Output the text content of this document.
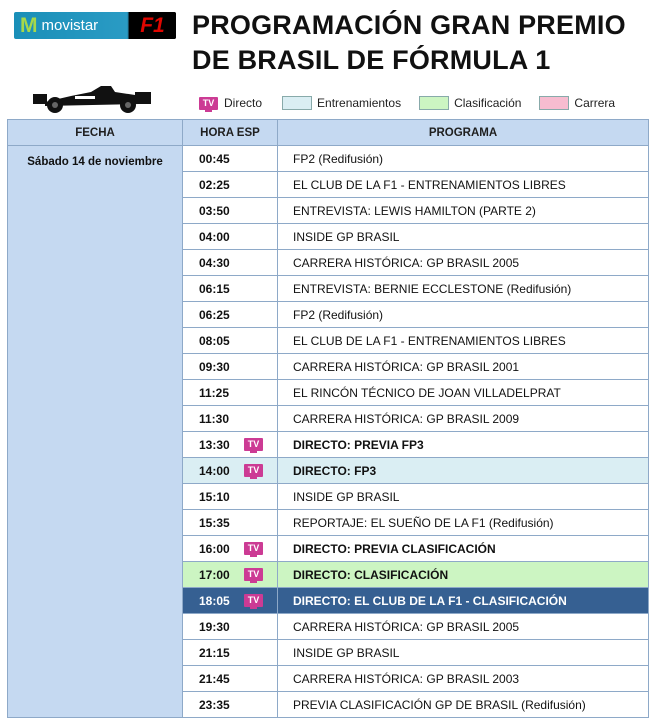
M movistar	F1	PROGRAMACIÓN GRAN PREMIO
DE BRASIL DE FÓRMULA 1
TV Directo	Entrenamientos	Clasificación	Carrera
FECHA	HORA ESP	PROGRAMA
Sábado 14 de noviembre	00:45	FP2 (Redifusión)
	02:25	EL CLUB DE LA F1 - ENTRENAMIENTOS LIBRES
	03:50	ENTREVISTA: LEWIS HAMILTON (PARTE 2)
	04:00	INSIDE GP BRASIL
	04:30	CARRERA HISTÓRICA: GP BRASIL 2005
	06:15	ENTREVISTA: BERNIE ECCLESTONE (Redifusión)
	06:25	FP2 (Redifusión)
	08:05	EL CLUB DE LA F1 - ENTRENAMIENTOS LIBRES
	09:30	CARRERA HISTÓRICA: GP BRASIL 2001
	11:25	EL RINCÓN TÉCNICO DE JOAN VILLADELPRAT
	11:30	CARRERA HISTÓRICA: GP BRASIL 2009
	13:30 TV	DIRECTO: PREVIA FP3
	14:00 TV	DIRECTO: FP3
	15:10	INSIDE GP BRASIL
	15:35	REPORTAJE: EL SUEÑO DE LA F1 (Redifusión)
	16:00 TV	DIRECTO: PREVIA CLASIFICACIÓN
	17:00 TV	DIRECTO: CLASIFICACIÓN
	18:05 TV	DIRECTO: EL CLUB DE LA F1 - CLASIFICACIÓN
	19:30	CARRERA HISTÓRICA: GP BRASIL 2005
	21:15	INSIDE GP BRASIL
	21:45	CARRERA HISTÓRICA: GP BRASIL 2003
	23:35	PREVIA CLASIFICACIÓN GP DE BRASIL (Redifusión)
